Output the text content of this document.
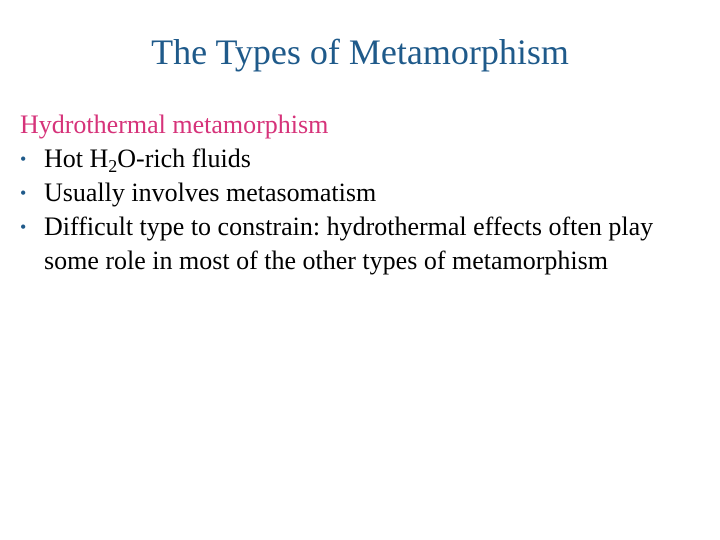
The Types of Metamorphism
Hydrothermal metamorphism
• Hot $H_2O$-rich fluids
• Usually involves metasomatism
• Difficult type to constrain: hydrothermal effects often play some role in most of the other types of metamorphism
